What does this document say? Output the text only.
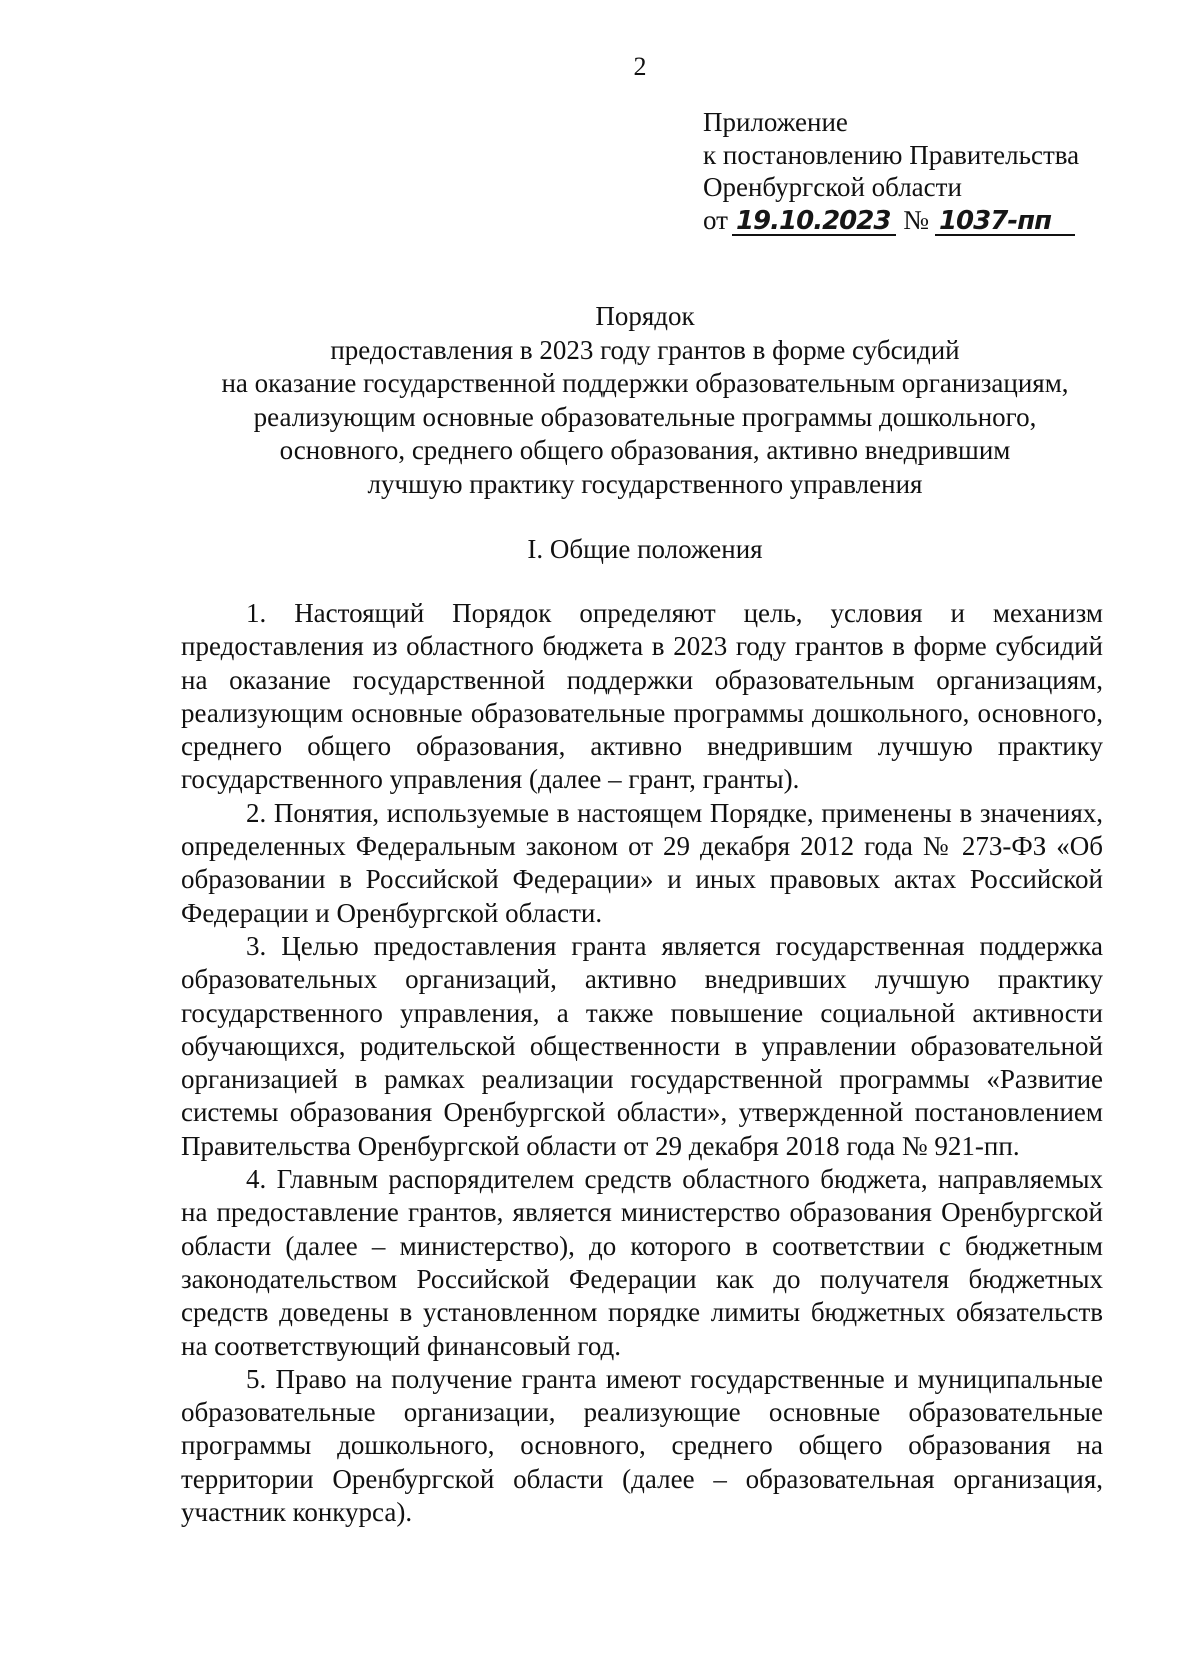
2
Приложение
к постановлению Правительства
Оренбургской области
от 19.10.2023 № 1037-пп
Порядок
предоставления в 2023 году грантов в форме субсидий
на оказание государственной поддержки образовательным организациям,
реализующим основные образовательные программы дошкольного,
основного, среднего общего образования, активно внедрившим
лучшую практику государственного управления
I. Общие положения

1. Настоящий Порядок определяют цель, условия и механизм предоставления из областного бюджета в 2023 году грантов в форме субсидий на оказание государственной поддержки образовательным организациям, реализующим основные образовательные программы дошкольного, основного, среднего общего образования, активно внедрившим лучшую практику государственного управления (далее – грант, гранты).

2. Понятия, используемые в настоящем Порядке, применены в значениях, определенных Федеральным законом от 29 декабря 2012 года № 273-ФЗ «Об образовании в Российской Федерации» и иных правовых актах Российской Федерации и Оренбургской области.

3. Целью предоставления гранта является государственная поддержка образовательных организаций, активно внедривших лучшую практику государственного управления, а также повышение социальной активности обучающихся, родительской общественности в управлении образовательной организацией в рамках реализации государственной программы «Развитие системы образования Оренбургской области», утвержденной постановлением Правительства Оренбургской области от 29 декабря 2018 года № 921-пп.

4. Главным распорядителем средств областного бюджета, направляемых на предоставление грантов, является министерство образования Оренбургской области (далее – министерство), до которого в соответствии с бюджетным законодательством Российской Федерации как до получателя бюджетных средств доведены в установленном порядке лимиты бюджетных обязательств на соответствующий финансовый год.

5. Право на получение гранта имеют государственные и муниципальные образовательные организации, реализующие основные образовательные программы дошкольного, основного, среднего общего образования на территории Оренбургской области (далее – образовательная организация, участник конкурса).
